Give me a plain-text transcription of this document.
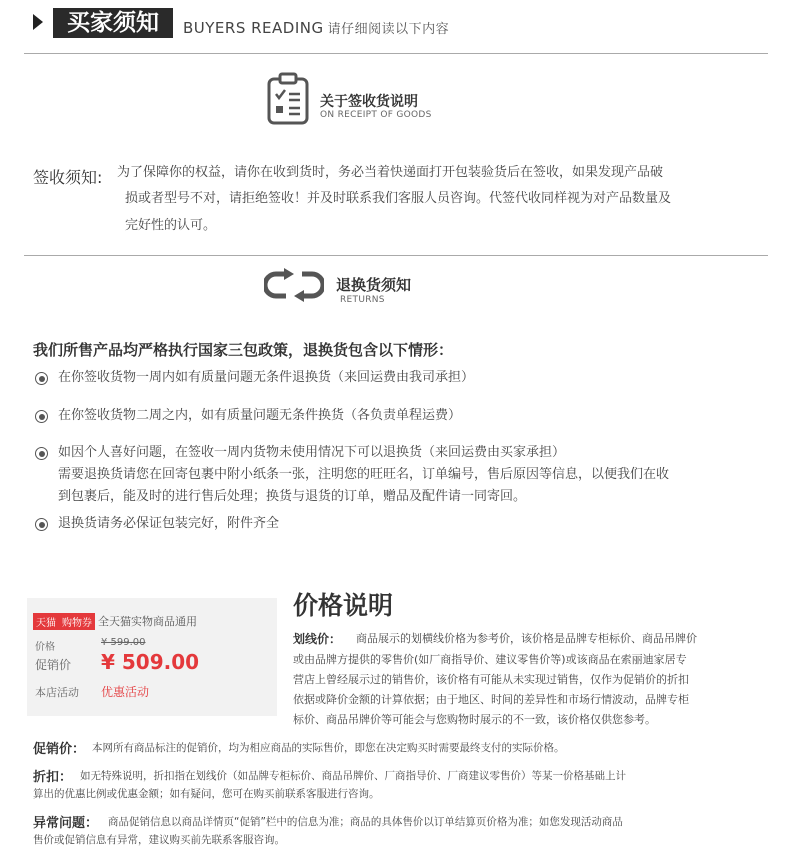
买家须知	BUYERS READING 请仔细阅读以下内容
关于签收货说明
ON RECEIPT OF GOODS
签收须知: 为了保障你的权益，请你在收到货时，务必当着快递面打开包装验货后在签收，如果发现产品破
损或者型号不对，请拒绝签收！并及时联系我们客服人员咨询。代签代收同样视为对产品数量及
完好性的认可。
退换货须知
RETURNS
我们所售产品均严格执行国家三包政策，退换货包含以下情形：
在你签收货物一周内如有质量问题无条件退换货（来回运费由我司承担）
在你签收货物二周之内，如有质量问题无条件换货（各负责单程运费）
如因个人喜好问题，在签收一周内货物未使用情况下可以退换货（来回运费由买家承担）
需要退换货请您在回寄包裹中附小纸条一张，注明您的旺旺名，订单编号，售后原因等信息，以便我们在收
到包裹后，能及时的进行售后处理；换货与退货的订单，赠品及配件请一同寄回。
退换货请务必保证包装完好，附件齐全
天猫 购物券 全天猫实物商品通用
价格	¥ 599.00
促销价 ¥ 509.00
本店活动 优惠活动
价格说明
划线价： 商品展示的划横线价格为参考价，该价格是品牌专柜标价、商品吊牌价
或由品牌方提供的零售价(如厂商指导价、建议零售价等)或该商品在索丽迪家居专
营店上曾经展示过的销售价，该价格有可能从未实现过销售，仅作为促销价的折扣
依据或降价金额的计算依据；由于地区、时间的差异性和市场行情波动，品牌专柜
标价、商品吊牌价等可能会与您购物时展示的不一致，该价格仅供您参考。
促销价： 本网所有商品标注的促销价，均为相应商品的实际售价，即您在决定购买时需要最终支付的实际价格。
折扣： 如无特殊说明，折扣指在划线价（如品牌专柜标价、商品吊牌价、厂商指导价、厂商建议零售价）等某一价格基础上计
算出的优惠比例或优惠金额；如有疑问，您可在购买前联系客服进行咨询。
异常问题： 商品促销信息以商品详情页“促销”栏中的信息为准；商品的具体售价以订单结算页价格为准；如您发现活动商品
售价或促销信息有异常，建议购买前先联系客服咨询。
